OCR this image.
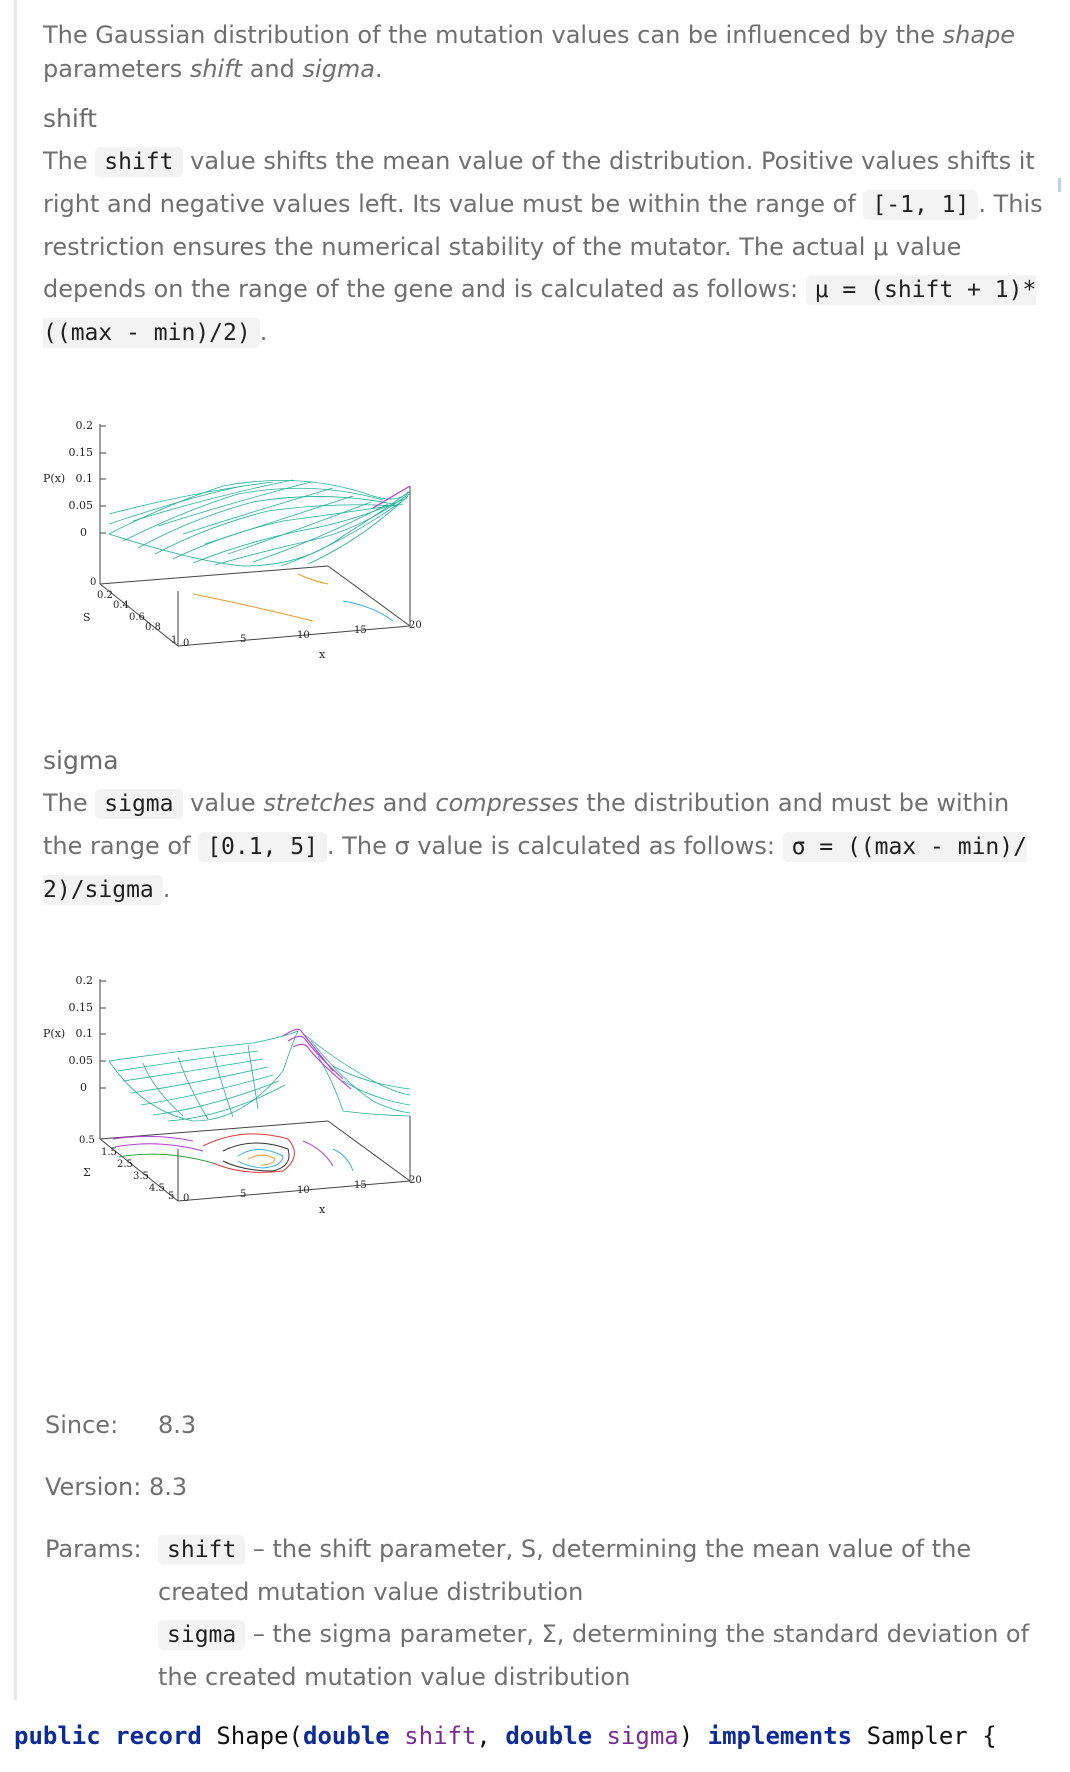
The Gaussian distribution of the mutation values can be influenced by the shape parameters shift and sigma.

shift

The shift value shifts the mean value of the distribution. Positive values shifts it right and negative values left. Its value must be within the range of [-1, 1] . This restriction ensures the numerical stability of the mutator. The actual μ value depends on the range of the gene and is calculated as follows: μ = (shift + 1)* ((max - min)/2) .

0.2
0.15
0.1
0.05
0
P(x)
0
0.2
0.4
0.6
0.8
1
S
0	5	10	15	20
x
sigma

The sigma value stretches and compresses the distribution and must be within the range of [0.1, 5] . The σ value is calculated as follows: σ = ((max - min)/ 2)/sigma .

0.2
0.15
0.1
0.05
0
P(x)
0.5
1.5
2.5
3.5
4.5
5
Σ
0	5	10	15	20
x
Since: 8.3
Version: 8.3
Params:	shift – the shift parameter, S, determining the mean value of the created mutation value distribution

sigma – the sigma parameter, Σ, determining the standard deviation of the created mutation value distribution

public record Shape(double shift, double sigma) implements Sampler {
